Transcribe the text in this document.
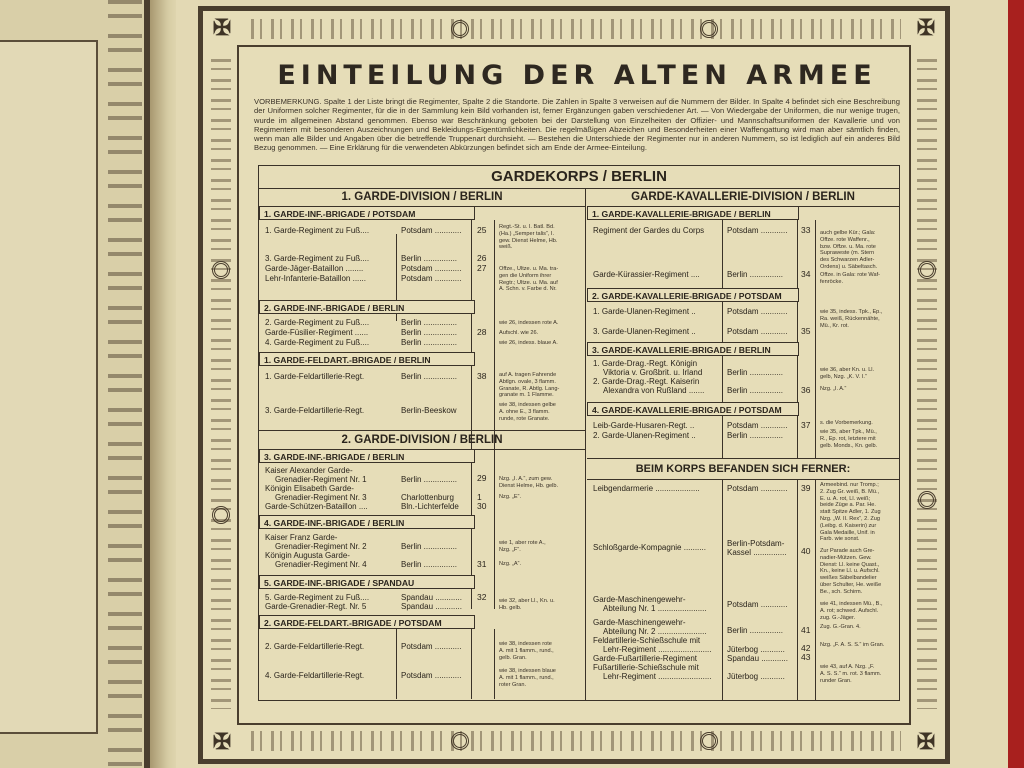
✠	✠
✠	✠
EINTEILUNG DER ALTEN ARMEE
VORBEMERKUNG. Spalte 1 der Liste bringt die Regimenter, Spalte 2 die Standorte. Die Zahlen in Spalte 3 verweisen auf die Nummern der Bilder. In Spalte 4 befindet sich eine Beschreibung der Uniformen solcher Regimenter, für die in der Sammlung kein Bild vorhanden ist, ferner Ergänzungen gaben verschiedener Art. — Von Wiedergabe der Uniformen, die nur wenige trugen, wurde im allgemeinen Abstand genommen. Ebenso war Beschränkung geboten bei der Darstellung von Einzelheiten der Offizier- und Mannschaftsuniformen der Kavallerie und von Regimentern mit besonderen Auszeichnungen und Bekleidungs-Eigentümlichkeiten. Die regelmäßigen Abzeichen und Besonderheiten einer Waffengattung wird man aber sämtlich finden, wenn man alle Bilder und Angaben über die betreffende Truppenart durchsieht. — Bestehen die Unterschiede der Regimenter nur in anderen Nummern, so ist lediglich auf ein anderes Bild Bezug genommen. — Eine Erklärung für die verwendeten Abkürzungen befindet sich am Ende der Armee-Einteilung.
GARDEKORPS / BERLIN
1. GARDE-DIVISION / BERLIN
1. GARDE-INF.-BRIGADE / POTSDAM
1. Garde-Regiment zu Fuß....
3. Garde-Regiment zu Fuß....
Garde-Jäger-Bataillon ........
Lehr-Infanterie-Bataillon ......
Potsdam ............
Berlin ...............
Potsdam ............
Potsdam ............
25
26
27
Regt.-St. u. I. Batl. Bd.
(Ha.) „Semper talis“, I.
gew. Dienst Helme, Hb.
weiß.
Offze., Ultze. u. Ma. tra-
gen die Uniform ihrer
Regtr.; Ultze. u. Ma. auf
A. Schn. v. Farbe d. Nr.
2. GARDE-INF.-BRIGADE / BERLIN
2. Garde-Regiment zu Fuß....
Garde-Füsilier-Regiment ......
4. Garde-Regiment zu Fuß....
Berlin ...............
Berlin ...............
Berlin ...............
28
wie 26, indessen rote A.
Aufschl. wie 26.
wie 26, indess. blaue A.
1. GARDE-FELDART.-BRIGADE / BERLIN
1. Garde-Feldartillerie-Regt.
3. Garde-Feldartillerie-Regt.
Berlin ...............
Berlin-Beeskow
38 auf A. tragen Fahrende
Abtlgn. ovale, 3 flamm.
Granate, R. Abtlg. Lang-
granate m. 1 Flamme.
wie 38, indessen gelbe
A. ohne E., 3 flamm.
runde, rote Granate.
2. GARDE-DIVISION / BERLIN
3. GARDE-INF.-BRIGADE / BERLIN
Kaiser Alexander Garde-
Grenadier-Regiment Nr. 1
Königin Elisabeth Garde-
Grenadier-Regiment Nr. 3
Garde-Schützen-Bataillon ....
Berlin ...............
Charlottenburg
Bln.-Lichterfelde
29
1
30
Nzg. „I. A.“, zum gew.
Dienst Helme, Hb. gelb.
Nzg. „E“.
4. GARDE-INF.-BRIGADE / BERLIN
Kaiser Franz Garde-
Grenadier-Regiment Nr. 2
Königin Augusta Garde-
Grenadier-Regiment Nr. 4
Berlin ...............
Berlin ............... 31
wie 1, aber rote A.,
Nzg. „F“.
Nzg. „A“.
5. GARDE-INF.-BRIGADE / SPANDAU
5. Garde-Regiment zu Fuß....
Garde-Grenadier-Regt. Nr. 5
Spandau ............
Spandau ............
32 wie 32, aber Ll., Kn. u.
Hb. gelb.
2. GARDE-FELDART.-BRIGADE / POTSDAM
2. Garde-Feldartillerie-Regt.
4. Garde-Feldartillerie-Regt.
Potsdam ............
Potsdam ............
wie 38, indessen rote
A. mit 1 flamm., rund.,
gelb. Gran.
wie 38, indessen blaue
A. mit 1 flamm., rund.,
roter Gran.
GARDE-KAVALLERIE-DIVISION / BERLIN
1. GARDE-KAVALLERIE-BRIGADE / BERLIN
Regiment der Gardes du Corps
Garde-Kürassier-Regiment ....
Potsdam ............
Berlin ...............
33
34
auch gelbe Kür.; Gala:
Offze. rote Waffenr.,
bzw. Offze. u. Ma. rote
Supraweste (m. Stern
des Schwarzen Adler-
Ordens) u. Säbeltasch.
Offze. in Gala: rote Waf-
fenröcke.
2. GARDE-KAVALLERIE-BRIGADE / POTSDAM
1. Garde-Ulanen-Regiment ..
3. Garde-Ulanen-Regiment ..
Potsdam ............
Potsdam ............ 35
wie 35, indess. Tpk., Ep.,
Ra. weiß, Rückennähte,
Mü., Kr. rot.
3. GARDE-KAVALLERIE-BRIGADE / BERLIN
1. Garde-Drag.-Regt. Königin
Viktoria v. Großbrit. u. Irland
2. Garde-Drag.-Regt. Kaiserin
Alexandra von Rußland .......
Berlin ...............
Berlin ............... 36
wie 36, aber Kn. u. Ll.
gelb, Nzg. „K. V. I.“
Nzg. „I. A.“
4. GARDE-KAVALLERIE-BRIGADE / POTSDAM
Leib-Garde-Husaren-Regt. ..
2. Garde-Ulanen-Regiment ..
Potsdam ............
Berlin ...............
37 s. die Vorbemerkung.
wie 35, aber Tpk., Mü.,
R., Ep. rot, letztere mit
gelb. Monds., Kn. gelb.
BEIM KORPS BEFANDEN SICH FERNER:
Leibgendarmerie ....................
Schloßgarde-Kompagnie ..........
Garde-Maschinengewehr-
Abteilung Nr. 1 ......................
Garde-Maschinengewehr-
Abteilung Nr. 2 ......................
Feldartillerie-Schießschule mit
Lehr-Regiment ........................
Garde-Fußartillerie-Regiment
Fußartillerie-Schießschule mit
Lehr-Regiment ........................
Potsdam ............
Berlin-Potsdam-
Kassel ...............
Potsdam ............
Berlin ...............
Jüterbog ...........
Spandau ............
Jüterbog ...........
39
40
41
42
43
Armeebind. nur Tromp.;
2. Zug Gr. weiß, B. Mü.,
E. u. A. rot, Ll. weiß;
beide Züge a. Par. He.
statt Spitze Adler, 1. Zug
Nzg. „W. II. Rex“, 2. Zug
(Leibg. d. Kaiserin) zur
Gala Medaille, Unif. in
Farb. wie sonst.
Zur Parade auch Gre-
nadier-Mützen. Gew.
Dienst: Ll. keine Quast.,
Kn., keine Ll. u. Aufschl.
weißes Säbelbandelier
über Schulter, He. weiße
Be., sch. Schirm.
wie 41, indessen Mü., B.,
A. rot; schwed. Aufschl.
zug. G.-Jäger.
Zug. G.-Gran. 4.
Nzg. „F. A. S. S.“ im Gran.
wie 43, auf A. Nzg. „F.
A. S. S.“ m. rot. 3 flamm.
runder Gran.
